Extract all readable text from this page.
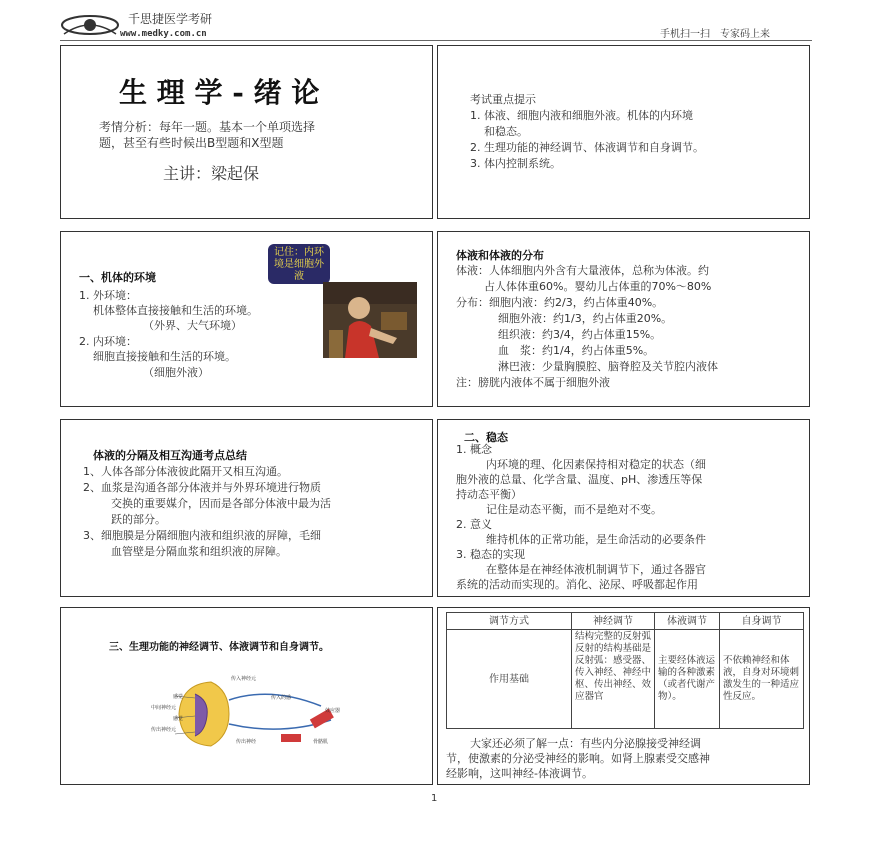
千思捷医学考研
www.medky.com.cn	手机扫一扫　专家码上来
生 理 学 - 绪 论
考情分析：每年一题。基本一个单项选择
题，甚至有些时候出B型题和X型题
主讲：梁起保
考试重点提示
1. 体液、细胞内液和细胞外液。机体的内环境
和稳态。
2. 生理功能的神经调节、体液调节和自身调节。
3. 体内控制系统。
一、机体的环境
记住：内环境是细胞外液
1. 外环境：
机体整体直接接触和生活的环境。
（外界、大气环境）
2. 内环境：
细胞直接接触和生活的环境。
（细胞外液）
体液和体液的分布
体液：人体细胞内外含有大量液体，总称为体液。约
占人体体重60%。婴幼儿占体重的70%～80%
分布：细胞内液：约2/3，约占体重40%。
细胞外液：约1/3，约占体重20%。
组织液：约3/4，约占体重15%。
血　浆：约1/4，约占体重5%。
淋巴液：少量胸膜腔、脑脊腔及关节腔内液体
注：膀胱内液体不属于细胞外液
体液的分隔及相互沟通考点总结
1、人体各部分体液彼此隔开又相互沟通。
2、血浆是沟通各部分体液并与外界环境进行物质
交换的重要媒介，因而是各部分体液中最为活
跃的部分。
3、细胞膜是分隔细胞内液和组织液的屏障，毛细
血管壁是分隔血浆和组织液的屏障。
二、稳态
1. 概念
内环境的理、化因素保持相对稳定的状态（细
胞外液的总量、化学含量、温度、pH、渗透压等保
持动态平衡）
记住是动态平衡，而不是绝对不变。
2. 意义
维持机体的正常功能，是生命活动的必要条件
3. 稳态的实现
在整体是在神经体液机制调节下，通过各器官
系统的活动而实现的。消化、泌尿、呼吸都起作用
三、生理功能的神经调节、体液调节和自身调节。
传入神经元
传入的感
感觉
中间神经元
感觉
传出神经元
效应器
传出神经	骨骼肌
调节方式	神经调节	体液调节	自身调节
作用基础	结构完整的反射弧 反射的结构基础是反射弧：感受器、传入神经、神经中枢、传出神经、效应器官	主要经体液运输的各种激素（或者代谢产物）。	不依赖神经和体液，自身对环境刺激发生的一种适应性反应。
大家还必须了解一点：有些内分泌腺接受神经调
节，使激素的分泌受神经的影响。如肾上腺素受交感神
经影响，这叫神经-体液调节。
1
